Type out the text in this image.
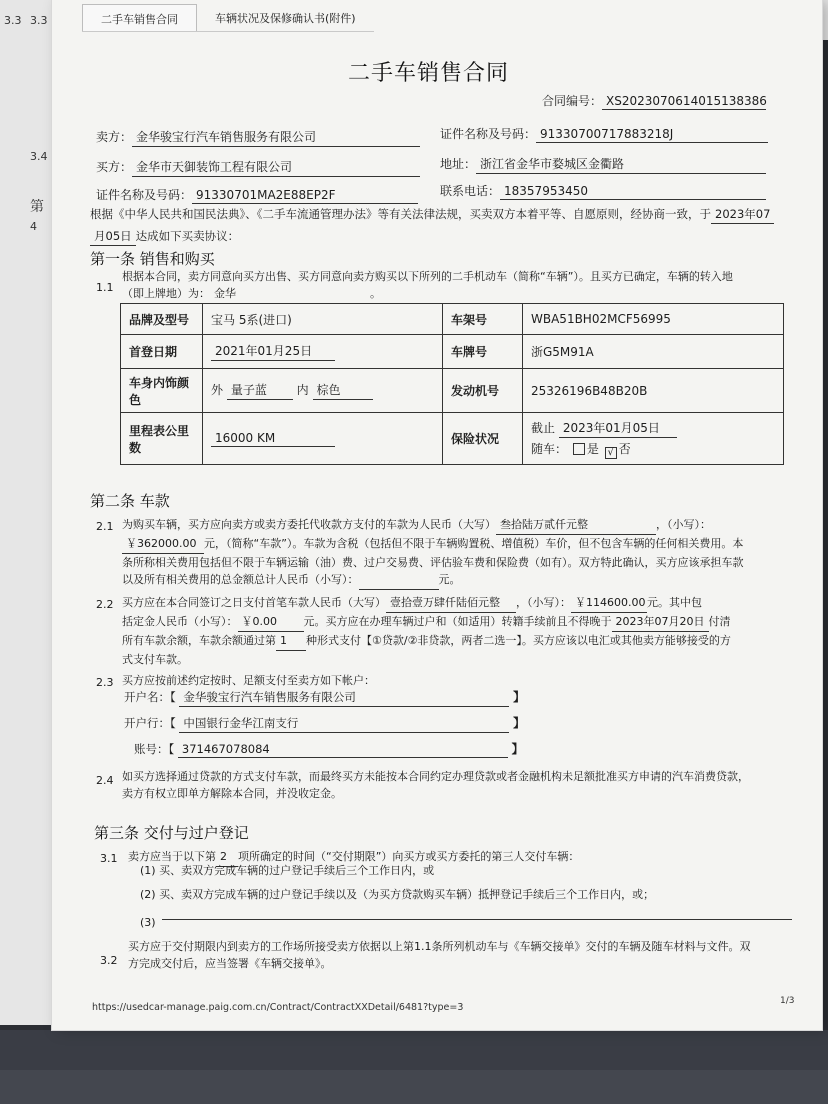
3.3
3.4
第
4
3.3	二手车销售合同	车辆状况及保修确认书(附件)
二手车销售合同
合同编号： XS20230706140151383​86
卖方： 金华骏宝行汽车销售服务有限公司	证件名称及号码： 91330700717883218J
买方： 金华市天御装饰工程有限公司	地址： 浙江省金华市婺城区金衢路
证件名称及号码： 91330701MA2E88EP2F	联系电话： 18357953450
根据《中华人民共和国民法典》、《二手车流通管理办法》等有关法律法规，买卖双方本着平等、自愿原则，经协商一致，于 2023年07
月05日 达成如下买卖协议：
第一条 销售和购买
1.1
根据本合同，卖方同意向买方出售、买方同意向卖方购买以下所列的二手机动车（简称“车辆”）。且买方已确定，车辆的转入地
（即上牌地）为： 金华	。
品牌及型号	宝马 5系(进口)	车架号	WBA51BH02MCF56995
首登日期	2021年01月25日	车牌号	浙G5M91A
车身内饰颜色	外 量子蓝 内 棕色	发动机号	25326196B48B20B
里程表公里数	16000 KM	保险状况	截止 2023年01月05日
随车： 是 √ 否
第二条 车款
2.1 为购买车辆，买方应向卖方或卖方委托代收款方支付的车款为人民币（大写） 叁拾陆万贰仟元整	，（小写）：
￥362000.00 元，（简称“车款”）。车款为含税（包括但不限于车辆购置税、增值税）车价，但不包含车辆的任何相关费用。本
条所称相关费用包括但不限于车辆运输（油）费、过户交易费、评估验车费和保险费（如有）。双方特此确认，买方应该承担车款
以及所有相关费用的总金额总计人民币（小写）：	元。
2.2 买方应在本合同签订之日支付首笔车款人民币（大写） 壹拾壹万肆仟陆佰元整 ，（小写）： ￥114600.00 元。其中包
括定金人民币（小写）： ￥0.00 元。买方应在办理车辆过户和（如适用）转籍手续前且不得晚于 2023年07月20日 付清
所有车款余额，车款余额通过第 1 种形式支付【①贷款/②非贷款，两者二选一】。买方应该以电汇或其他卖方能够接受的方
式支付车款。
2.3 买方应按前述约定按时、足额支付至卖方如下帐户：
开户名：【 金华骏宝行汽车销售服务有限公司	】
开户行：【 中国银行金华江南支行	】
账号：【 371467078084	】
2.4 如买方选择通过贷款的方式支付车款，而最终买方未能按本合同约定办理贷款或者金融机构未足额批准买方申请的汽车消费贷款，
卖方有权立即单方解除本合同，并没收定金。
第三条 交付与过户登记
3.1 卖方应当于以下第 2 项所确定的时间（“交付期限”）向买方或买方委托的第三人交付车辆：
(1) 买、卖双方完成车辆的过户登记手续后三个工作日内，或
(2) 买、卖双方完成车辆的过户登记手续以及（为买方贷款购买车辆）抵押登记手续后三个工作日内，或；
(3)
3.2
买方应于交付期限内到卖方的工作场所接受卖方依据以上第1.1条所列机动车与《车辆交接单》交付的车辆及随车材料与文件。双
方完成交付后，应当签署《车辆交接单》。
https://usedcar-manage.paig.com.cn/Contract/ContractXXDetail/6481?type=3
1/3
